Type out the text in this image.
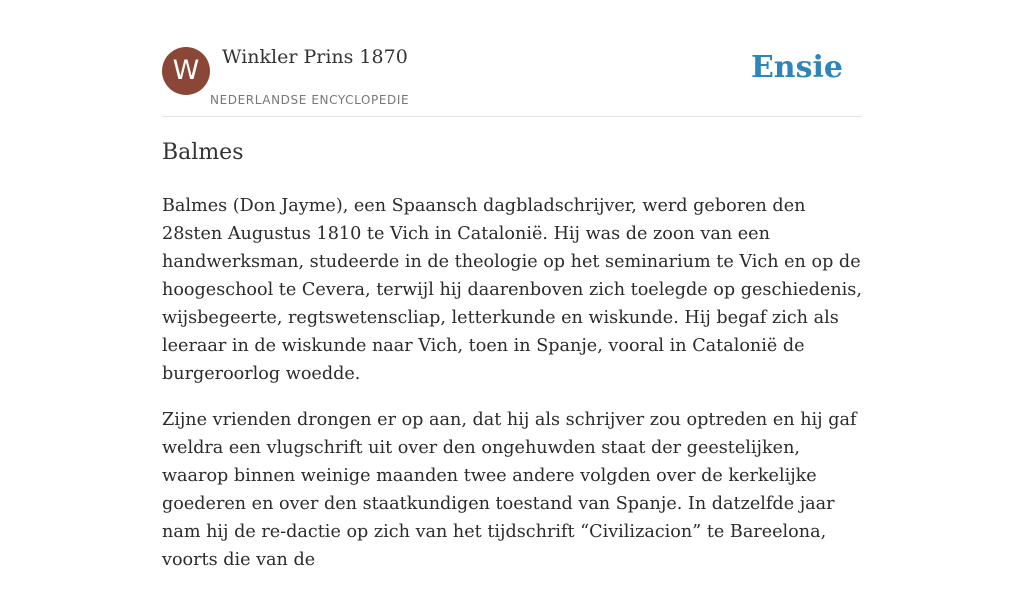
W	Winkler Prins 1870
NEDERLANDSE ENCYCLOPEDIE
Ensie
Balmes

Balmes (Don Jayme), een Spaansch dagbladschrijver, werd geboren den 28sten Augustus 1810 te Vich in Catalonië. Hij was de zoon van een handwerksman, studeerde in de theologie op het seminarium te Vich en op de hoogeschool te Cevera, terwijl hij daarenboven zich toelegde op geschiedenis, wijsbegeerte, regtswetenscliap, letterkunde en wiskunde. Hij begaf zich als leeraar in de wiskunde naar Vich, toen in Spanje, vooral in Catalonië de burgeroorlog woedde.

Zijne vrienden drongen er op aan, dat hij als schrijver zou optreden en hij gaf weldra een vlugschrift uit over den ongehuwden staat der geestelijken, waarop binnen weinige maanden twee andere volgden over de kerkelijke goederen en over den staatkundigen toestand van Spanje. In datzelfde jaar nam hij de re-dactie op zich van het tijdschrift “Civilizacion” te Bareelona, voorts die van de
